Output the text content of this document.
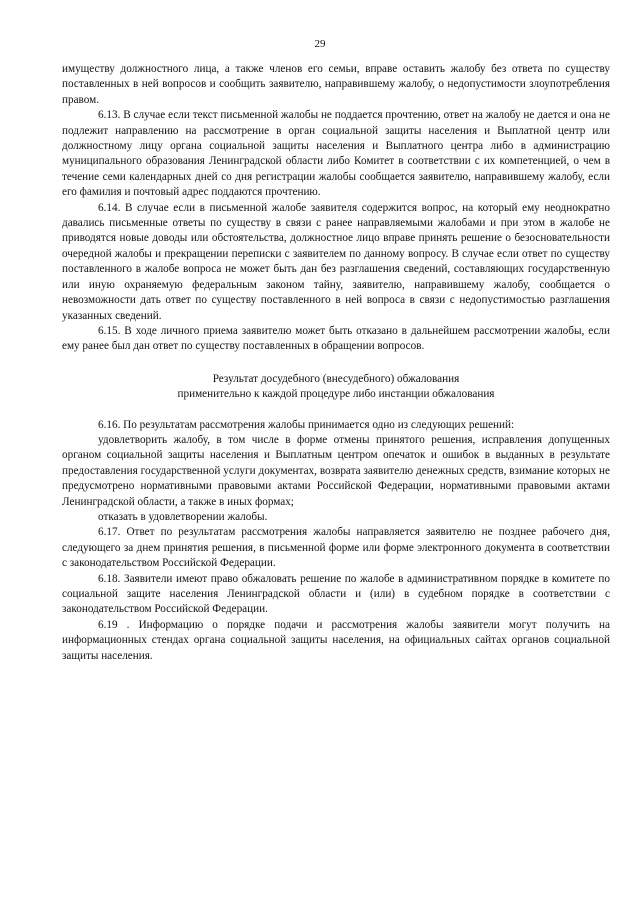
29

имуществу должностного лица, а также членов его семьи, вправе оставить жалобу без ответа по существу поставленных в ней вопросов и сообщить заявителю, направившему жалобу, о недопустимости злоупотребления правом.

6.13. В случае если текст письменной жалобы не поддается прочтению, ответ на жалобу не дается и она не подлежит направлению на рассмотрение в орган социальной защиты населения и Выплатной центр или должностному лицу органа социальной защиты населения и Выплатного центра либо в администрацию муниципального образования Ленинградской области либо Комитет в соответствии с их компетенцией, о чем в течение семи календарных дней со дня регистрации жалобы сообщается заявителю, направившему жалобу, если его фамилия и почтовый адрес поддаются прочтению.

6.14. В случае если в письменной жалобе заявителя содержится вопрос, на который ему неоднократно давались письменные ответы по существу в связи с ранее направляемыми жалобами и при этом в жалобе не приводятся новые доводы или обстоятельства, должностное лицо вправе принять решение о безосновательности очередной жалобы и прекращении переписки с заявителем по данному вопросу. В случае если ответ по существу поставленного в жалобе вопроса не может быть дан без разглашения сведений, составляющих государственную или иную охраняемую федеральным законом тайну, заявителю, направившему жалобу, сообщается о невозможности дать ответ по существу поставленного в ней вопроса в связи с недопустимостью разглашения указанных сведений.

6.15. В ходе личного приема заявителю может быть отказано в дальнейшем рассмотрении жалобы, если ему ранее был дан ответ по существу поставленных в обращении вопросов.

Результат досудебного (внесудебного) обжалования

применительно к каждой процедуре либо инстанции обжалования

6.16. По результатам рассмотрения жалобы принимается одно из следующих решений:

удовлетворить жалобу, в том числе в форме отмены принятого решения, исправления допущенных органом социальной защиты населения и Выплатным центром опечаток и ошибок в выданных в результате предоставления государственной услуги документах, возврата заявителю денежных средств, взимание которых не предусмотрено нормативными правовыми актами Российской Федерации, нормативными правовыми актами Ленинградской области, а также в иных формах;

отказать в удовлетворении жалобы.

6.17. Ответ по результатам рассмотрения жалобы направляется заявителю не позднее рабочего дня, следующего за днем принятия решения, в письменной форме или форме электронного документа в соответствии с законодательством Российской Федерации.

6.18. Заявители имеют право обжаловать решение по жалобе в административном порядке в комитете по социальной защите населения Ленинградской области и (или) в судебном порядке в соответствии с законодательством Российской Федерации.

6.19 . Информацию о порядке подачи и рассмотрения жалобы заявители могут получить на информационных стендах органа социальной защиты населения, на официальных сайтах органов социальной защиты населения.
